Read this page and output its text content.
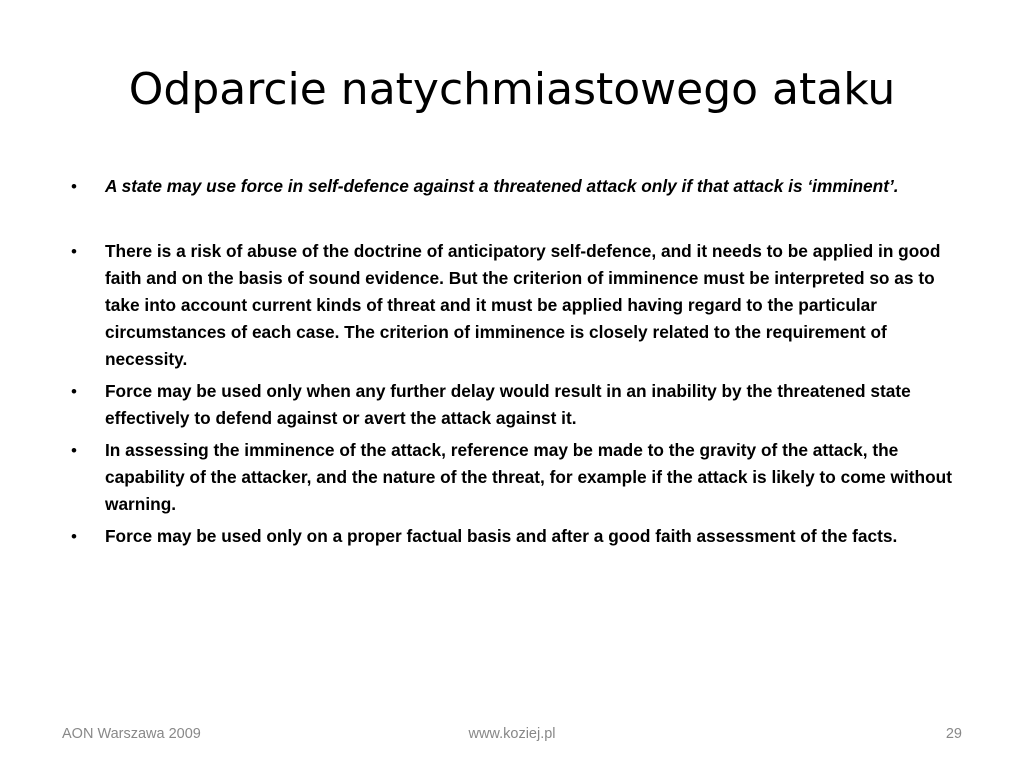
Odparcie natychmiastowego ataku

• A state may use force in self-defence against a threatened attack only if that attack is ‘imminent’.

• There is a risk of abuse of the doctrine of anticipatory self-defence, and it needs to be applied in good faith and on the basis of sound evidence. But the criterion of imminence must be interpreted so as to take into account current kinds of threat and it must be applied having regard to the particular circumstances of each case. The criterion of imminence is closely related to the requirement of necessity.

• Force may be used only when any further delay would result in an inability by the threatened state effectively to defend against or avert the attack against it.

• In assessing the imminence of the attack, reference may be made to the gravity of the attack, the capability of the attacker, and the nature of the threat, for example if the attack is likely to come without warning.

• Force may be used only on a proper factual basis and after a good faith assessment of the facts.

www.koziej.pl
AON Warszawa 2009	29
